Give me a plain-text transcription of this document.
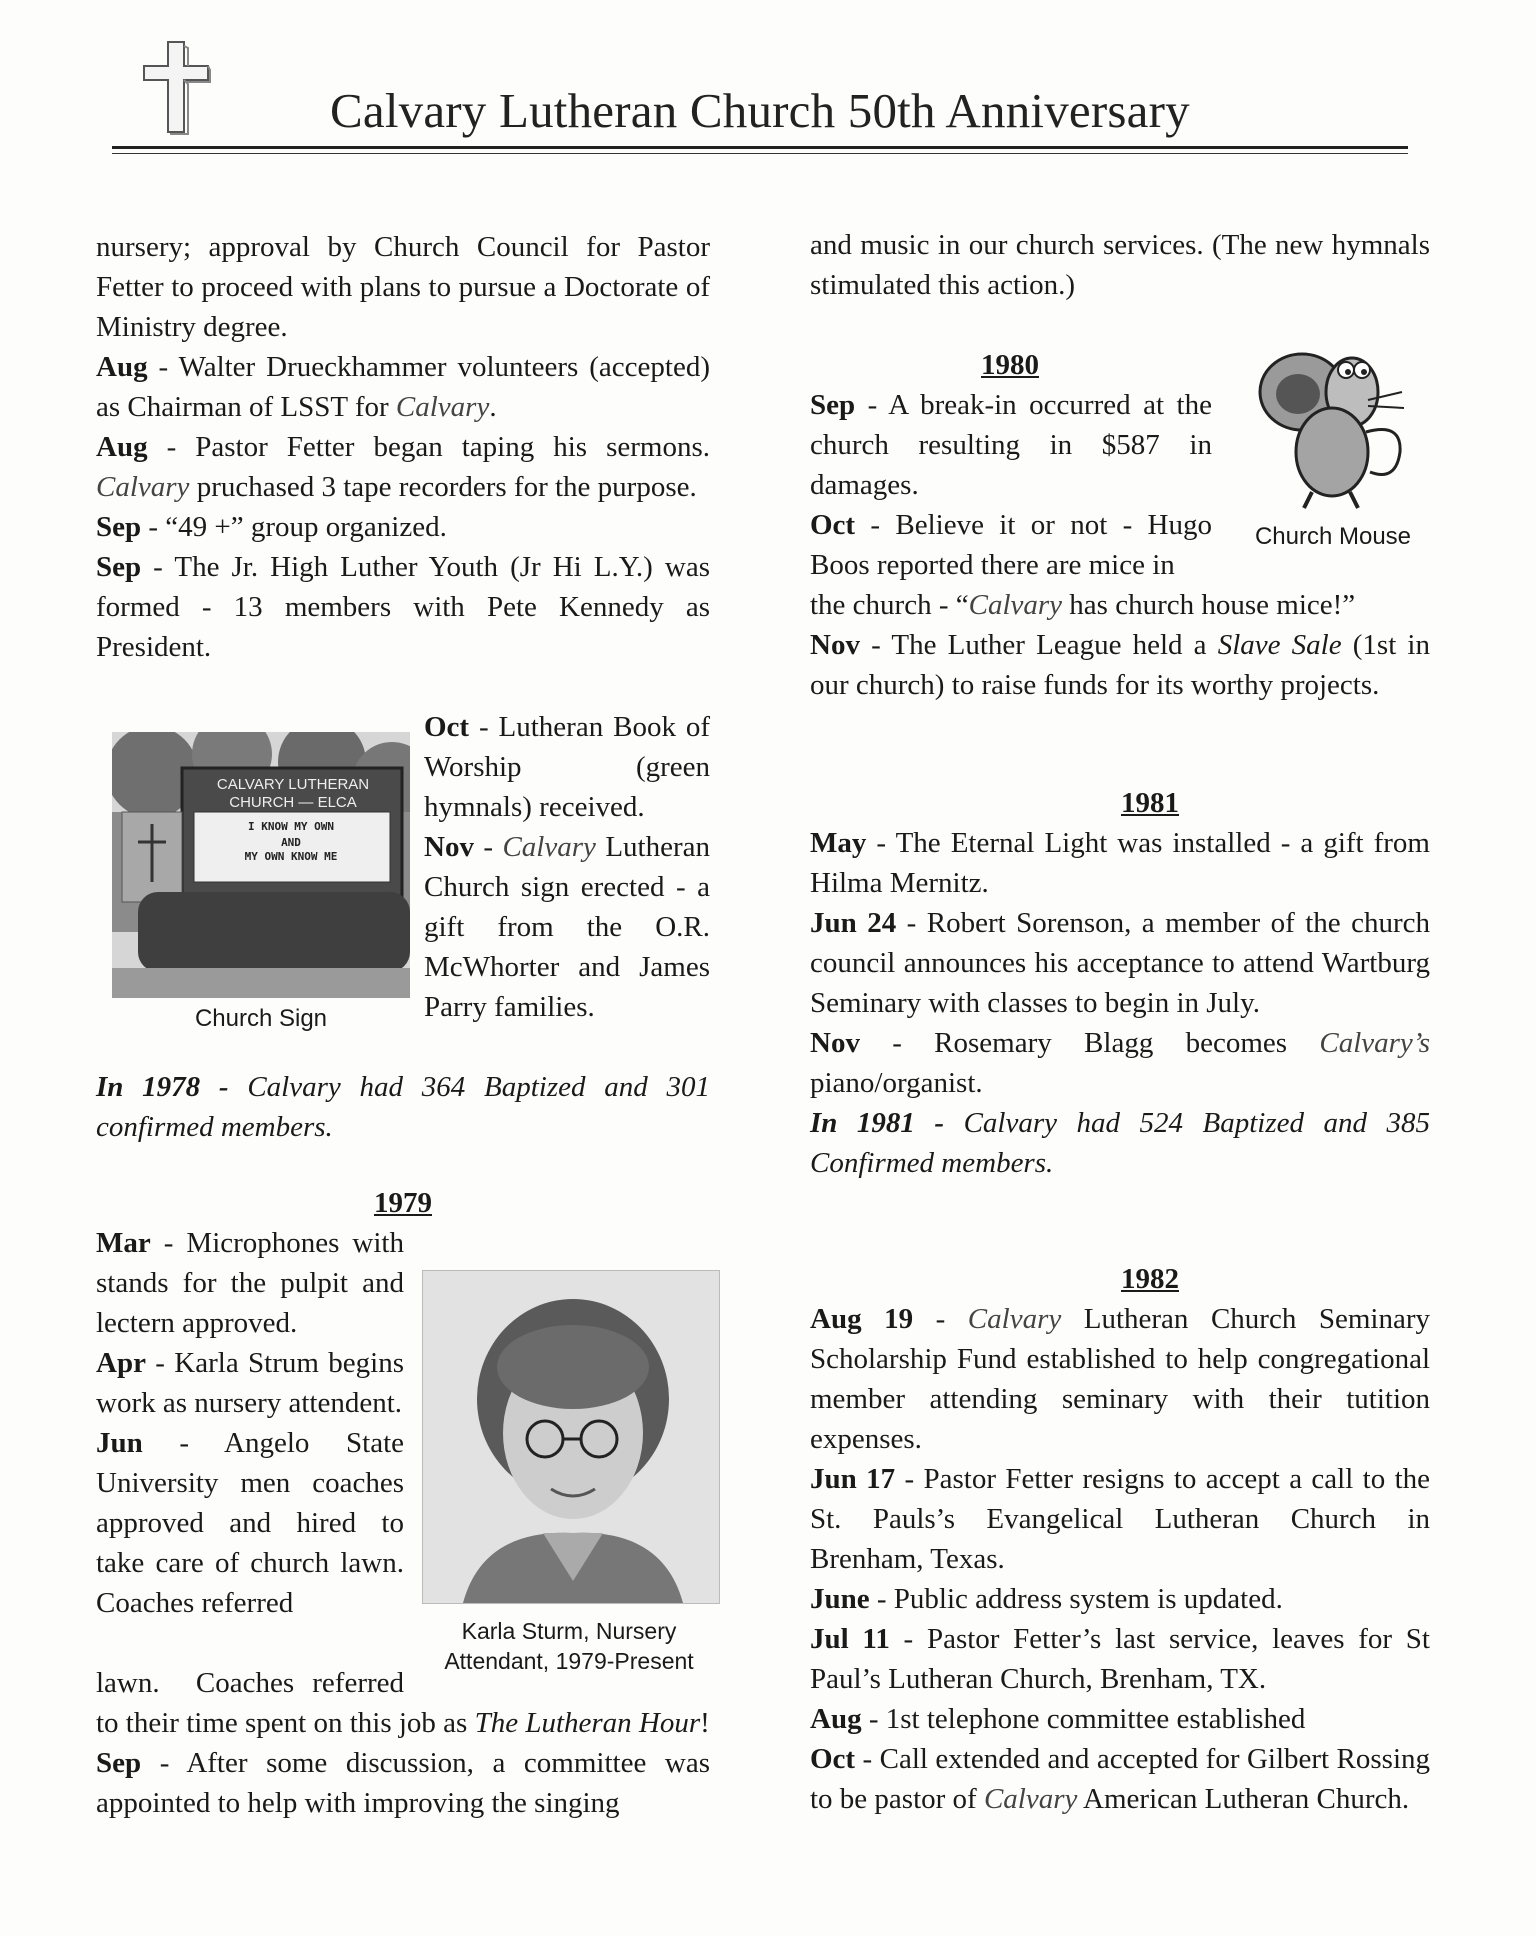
Calvary Lutheran Church 50th Anniversary

nursery; approval by Church Council for Pastor Fetter to proceed with plans to pursue a Doctorate of Ministry degree.

Aug - Walter Drueckhammer volunteers (accepted) as Chairman of LSST for Calvary.

Aug - Pastor Fetter began taping his sermons. Calvary pruchased 3 tape recorders for the purpose.

Sep - “49 +” group organized.

Sep - The Jr. High Luther Youth (Jr Hi L.Y.) was formed - 13 members with Pete Kennedy as President.

CALVARY LUTHERAN
CHURCH — ELCA
I KNOW MY OWN
AND
MY OWN KNOW ME
Church Sign

Oct - Lutheran Book of Worship (green hymnals) received.

Nov - Calvary Lutheran Church sign erected - a gift from the O.R. McWhorter and James Parry families.

In 1978 - Calvary had 364 Baptized and 301 confirmed members.

1979

Mar - Microphones with stands for the pulpit and lectern approved.

Apr - Karla Strum begins work as nursery attendent.

Jun - Angelo State University men coaches approved and hired to take care of church lawn. Coaches referred

Karla Sturm, Nursery Attendant, 1979-Present

lawn.  Coaches referred

to their time spent on this job as The Lutheran Hour!

Sep - After some discussion, a committee was appointed to help with improving the singing

and music in our church services. (The new hymnals stimulated this action.)

1980

Church Mouse

Sep - A break-in occurred at the church resulting in $587 in damages.

Oct - Believe it or not - Hugo Boos reported there are mice in

the church - “Calvary has church house mice!”

Nov - The Luther League held a Slave Sale (1st in our church) to raise funds for its worthy projects.

1981

May - The Eternal Light was installed - a gift from Hilma Mernitz.

Jun 24 - Robert Sorenson, a member of the church council announces his acceptance to attend Wartburg Seminary with classes to begin in July.

Nov - Rosemary Blagg becomes Calvary’s piano/organist.

In 1981 - Calvary had 524 Baptized and 385 Confirmed members.

1982

Aug 19 - Calvary Lutheran Church Seminary Scholarship Fund established to help congregational member attending seminary with their tutition expenses.

Jun 17 - Pastor Fetter resigns to accept a call to the St. Pauls’s Evangelical Lutheran Church in Brenham, Texas.

June - Public address system is updated.

Jul 11 - Pastor Fetter’s last service, leaves for St Paul’s Lutheran Church, Brenham, TX.

Aug - 1st telephone committee established

Oct - Call extended and accepted for Gilbert Rossing to be pastor of Calvary American Lutheran Church.
